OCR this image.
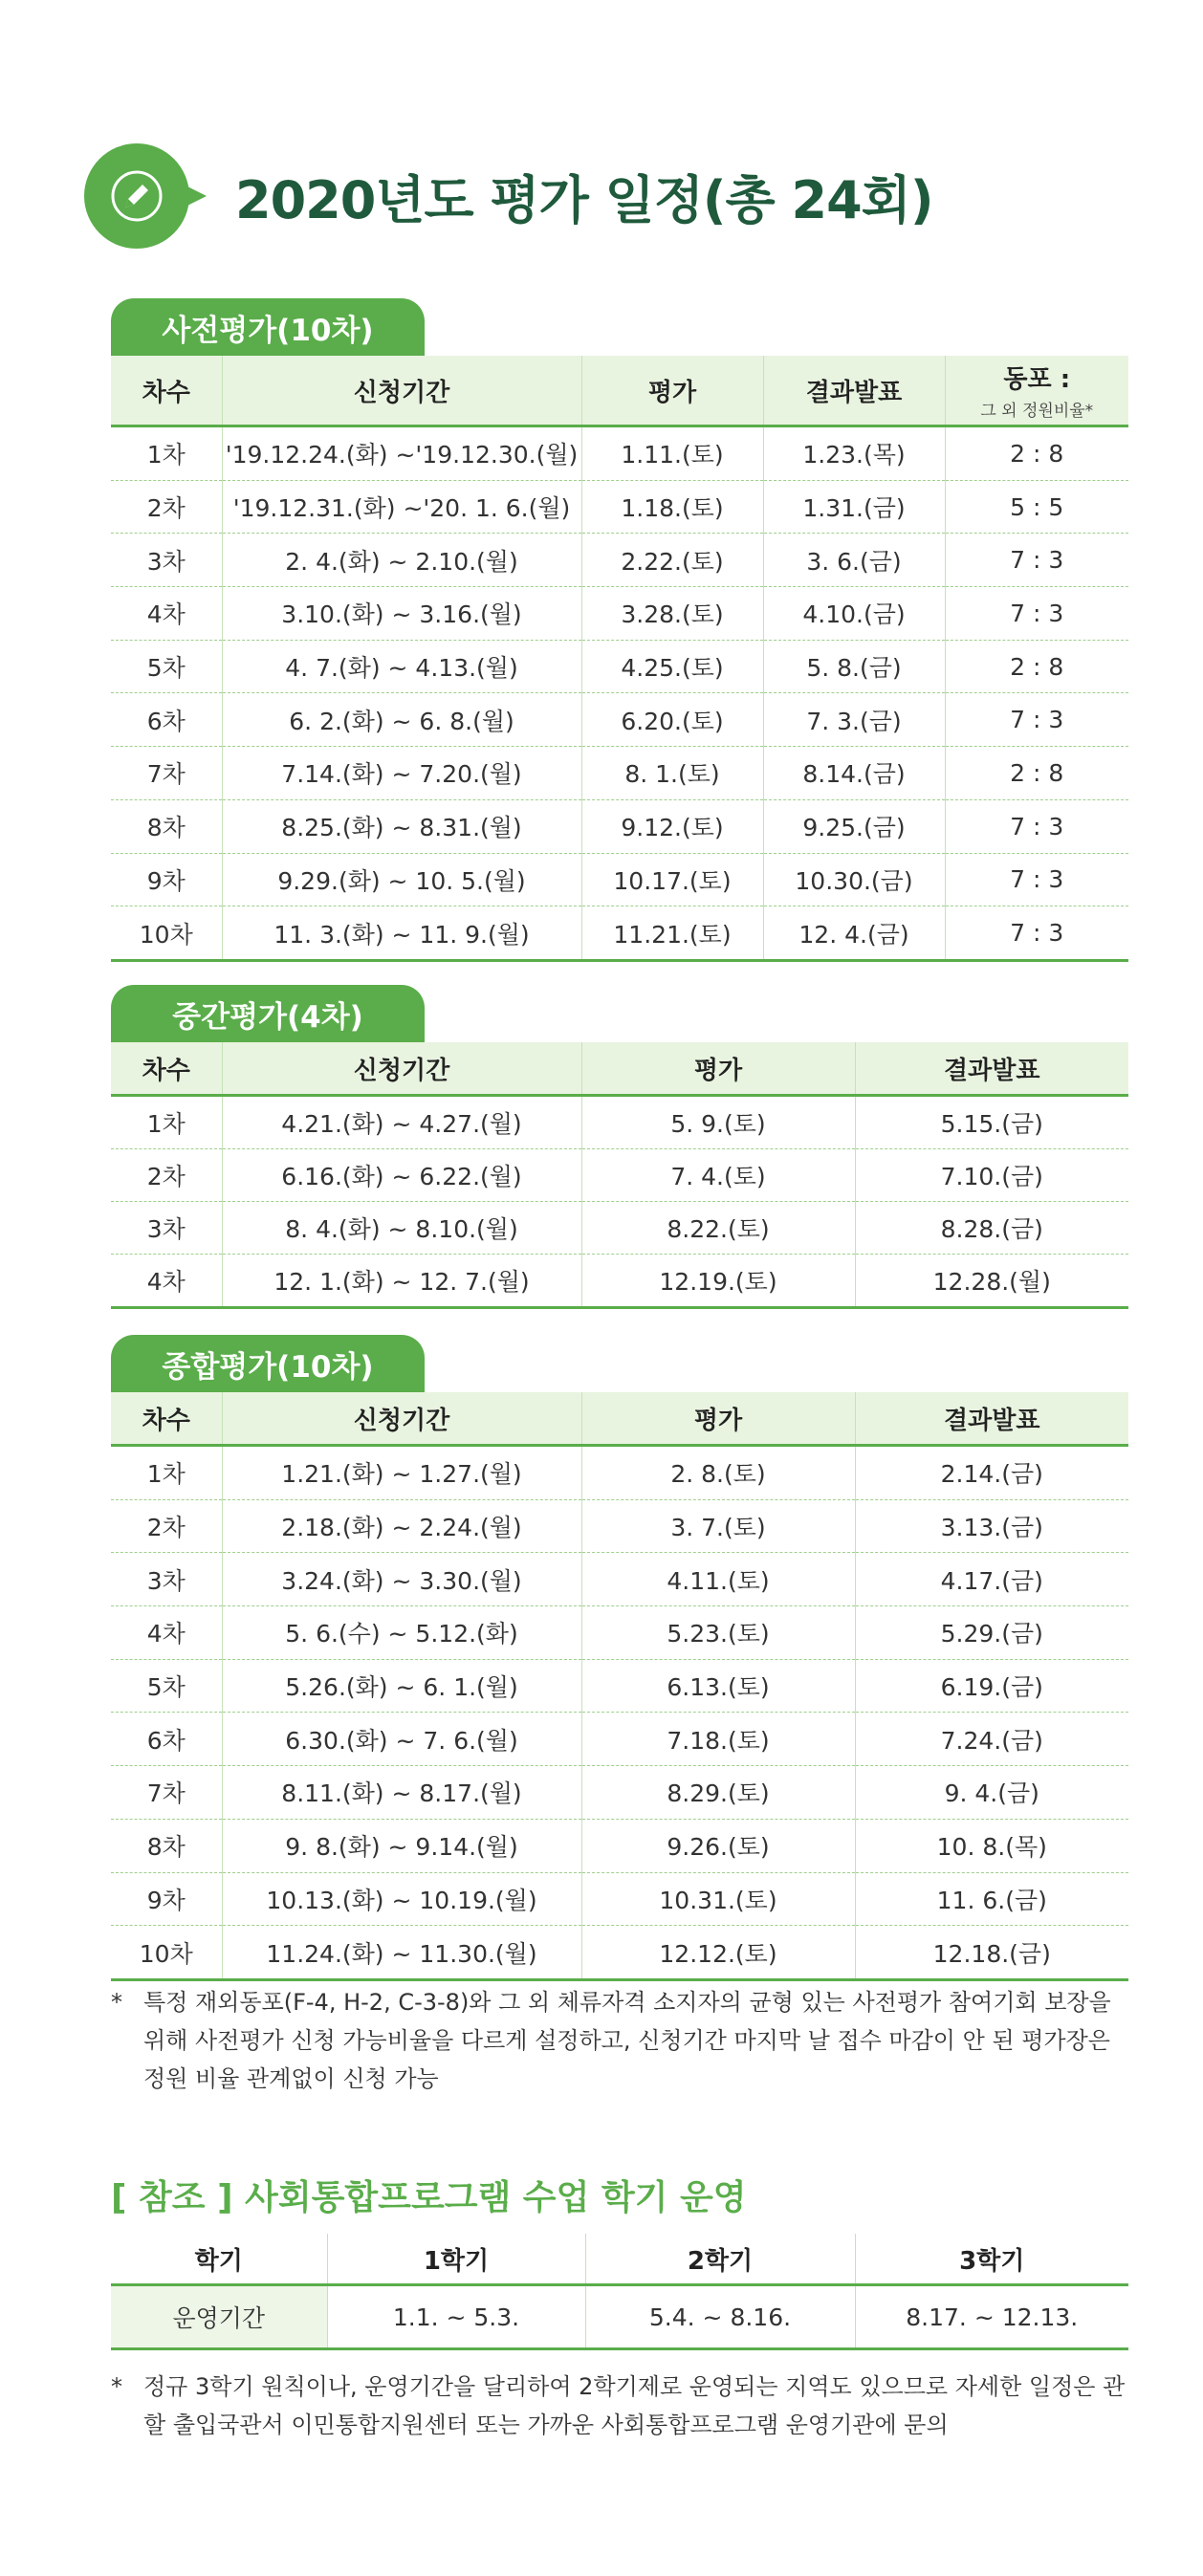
2020년도 평가 일정(총 24회)
사전평가(10차)
차수	신청기간	평가	결과발표	동포 :
그 외 정원비율*

1차	'19.12.24.(화) ~'19.12.30.(월)	1.11.(토)	1.23.(목)	2 : 8
2차	'19.12.31.(화) ~'20. 1. 6.(월)	1.18.(토)	1.31.(금)	5 : 5
3차	2. 4.(화) ~ 2.10.(월)	2.22.(토)	3. 6.(금)	7 : 3
4차	3.10.(화) ~ 3.16.(월)	3.28.(토)	4.10.(금)	7 : 3
5차	4. 7.(화) ~ 4.13.(월)	4.25.(토)	5. 8.(금)	2 : 8
6차	6. 2.(화) ~ 6. 8.(월)	6.20.(토)	7. 3.(금)	7 : 3
7차	7.14.(화) ~ 7.20.(월)	8. 1.(토)	8.14.(금)	2 : 8
8차	8.25.(화) ~ 8.31.(월)	9.12.(토)	9.25.(금)	7 : 3
9차	9.29.(화) ~ 10. 5.(월)	10.17.(토)	10.30.(금)	7 : 3
10차	11. 3.(화) ~ 11. 9.(월)	11.21.(토)	12. 4.(금)	7 : 3
중간평가(4차)
차수	신청기간	평가	결과발표
1차	4.21.(화) ~ 4.27.(월)	5. 9.(토)	5.15.(금)
2차	6.16.(화) ~ 6.22.(월)	7. 4.(토)	7.10.(금)
3차	8. 4.(화) ~ 8.10.(월)	8.22.(토)	8.28.(금)
4차	12. 1.(화) ~ 12. 7.(월)	12.19.(토)	12.28.(월)
종합평가(10차)
차수	신청기간	평가	결과발표
1차	1.21.(화) ~ 1.27.(월)	2. 8.(토)	2.14.(금)
2차	2.18.(화) ~ 2.24.(월)	3. 7.(토)	3.13.(금)
3차	3.24.(화) ~ 3.30.(월)	4.11.(토)	4.17.(금)
4차	5. 6.(수) ~ 5.12.(화)	5.23.(토)	5.29.(금)
5차	5.26.(화) ~ 6. 1.(월)	6.13.(토)	6.19.(금)
6차	6.30.(화) ~ 7. 6.(월)	7.18.(토)	7.24.(금)
7차	8.11.(화) ~ 8.17.(월)	8.29.(토)	9. 4.(금)
8차	9. 8.(화) ~ 9.14.(월)	9.26.(토)	10. 8.(목)
9차	10.13.(화) ~ 10.19.(월)	10.31.(토)	11. 6.(금)
10차	11.24.(화) ~ 11.30.(월)	12.12.(토)	12.18.(금)
* 특정 재외동포(F-4, H-2, C-3-8)와 그 외 체류자격 소지자의 균형 있는 사전평가 참여기회 보장을 위해 사전평가 신청 가능비율을 다르게 설정하고, 신청기간 마지막 날 접수 마감이 안 된 평가장은 정원 비율 관계없이 신청 가능
[ 참조 ] 사회통합프로그램 수업 학기 운영
학기	1학기	2학기	3학기
운영기간	1.1. ~ 5.3.	5.4. ~ 8.16.	8.17. ~ 12.13.
* 정규 3학기 원칙이나, 운영기간을 달리하여 2학기제로 운영되는 지역도 있으므로 자세한 일정은 관할 출입국관서 이민통합지원센터 또는 가까운 사회통합프로그램 운영기관에 문의
